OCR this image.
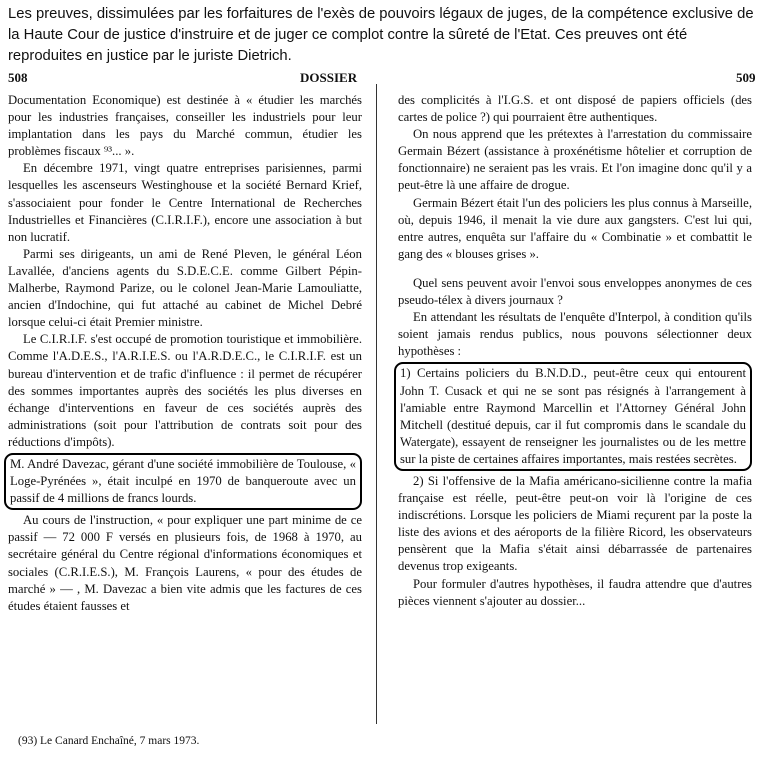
Les preuves, dissimulées par les forfaitures de l'exès de pouvoirs légaux de juges, de la compétence exclusive de la Haute Cour de justice d'instruire et de juger ce complot contre la sûreté de l'Etat. Ces preuves ont été reproduites en justice par le juriste Dietrich.

508	DOSSIER	509

Documentation Economique) est destinée à « étudier les marchés pour les industries françaises, conseiller les industriels pour leur implantation dans les pays du Marché commun, étudier les problèmes fiscaux ⁹³... ».

En décembre 1971, vingt quatre entreprises parisiennes, parmi lesquelles les ascenseurs Westinghouse et la société Bernard Krief, s'associaient pour fonder le Centre International de Recherches Industrielles et Financières (C.I.R.I.F.), encore une association à but non lucratif.

Parmi ses dirigeants, un ami de René Pleven, le général Léon Lavallée, d'anciens agents du S.D.E.C.E. comme Gilbert Pépin-Malherbe, Raymond Parize, ou le colonel Jean-Marie Lamouliatte, ancien d'Indochine, qui fut attaché au cabinet de Michel Debré lorsque celui-ci était Premier ministre.

Le C.I.R.I.F. s'est occupé de promotion touristique et immobilière. Comme l'A.D.E.S., l'A.R.I.E.S. ou l'A.R.D.E.C., le C.I.R.I.F. est un bureau d'intervention et de trafic d'influence : il permet de récupérer des sommes importantes auprès des sociétés les plus diverses en échange d'interventions en faveur de ces sociétés auprès des administrations (soit pour l'attribution de contrats soit pour des réductions d'impôts).

M. André Davezac, gérant d'une société immobilière de Toulouse, « Loge-Pyrénées », était inculpé en 1970 de banqueroute avec un passif de 4 millions de francs lourds.

Au cours de l'instruction, « pour expliquer une part minime de ce passif — 72 000 F versés en plusieurs fois, de 1968 à 1970, au secrétaire général du Centre régional d'informations économiques et sociales (C.R.I.E.S.), M. François Laurens, « pour des études de marché » — , M. Davezac a bien vite admis que les factures de ces études étaient fausses et

des complicités à l'I.G.S. et ont disposé de papiers officiels (des cartes de police ?) qui pourraient être authentiques.

On nous apprend que les prétextes à l'arrestation du commissaire Germain Bézert (assistance à proxénétisme hôtelier et corruption de fonctionnaire) ne seraient pas les vrais. Et l'on imagine donc qu'il y a peut-être là une affaire de drogue.

Germain Bézert était l'un des policiers les plus connus à Marseille, où, depuis 1946, il menait la vie dure aux gangsters. C'est lui qui, entre autres, enquêta sur l'affaire du « Combinatie » et combattit le gang des « blouses grises ».

Quel sens peuvent avoir l'envoi sous enveloppes anonymes de ces pseudo-télex à divers journaux ?

En attendant les résultats de l'enquête d'Interpol, à condition qu'ils soient jamais rendus publics, nous pouvons sélectionner deux hypothèses :

1) Certains policiers du B.N.D.D., peut-être ceux qui entourent John T. Cusack et qui ne se sont pas résignés à l'arrangement à l'amiable entre Raymond Marcellin et l'Attorney Général John Mitchell (destitué depuis, car il fut compromis dans le scandale du Watergate), essayent de renseigner les journalistes ou de les mettre sur la piste de certaines affaires importantes, mais restées secrètes.

2) Si l'offensive de la Mafia américano-sicilienne contre la mafia française est réelle, peut-être peut-on voir là l'origine de ces indiscrétions. Lorsque les policiers de Miami reçurent par la poste la liste des avions et des aéroports de la filière Ricord, les observateurs pensèrent que la Mafia s'était ainsi débarrassée de partenaires devenus trop exigeants.

Pour formuler d'autres hypothèses, il faudra attendre que d'autres pièces viennent s'ajouter au dossier...

(93) Le Canard Enchaîné, 7 mars 1973.
